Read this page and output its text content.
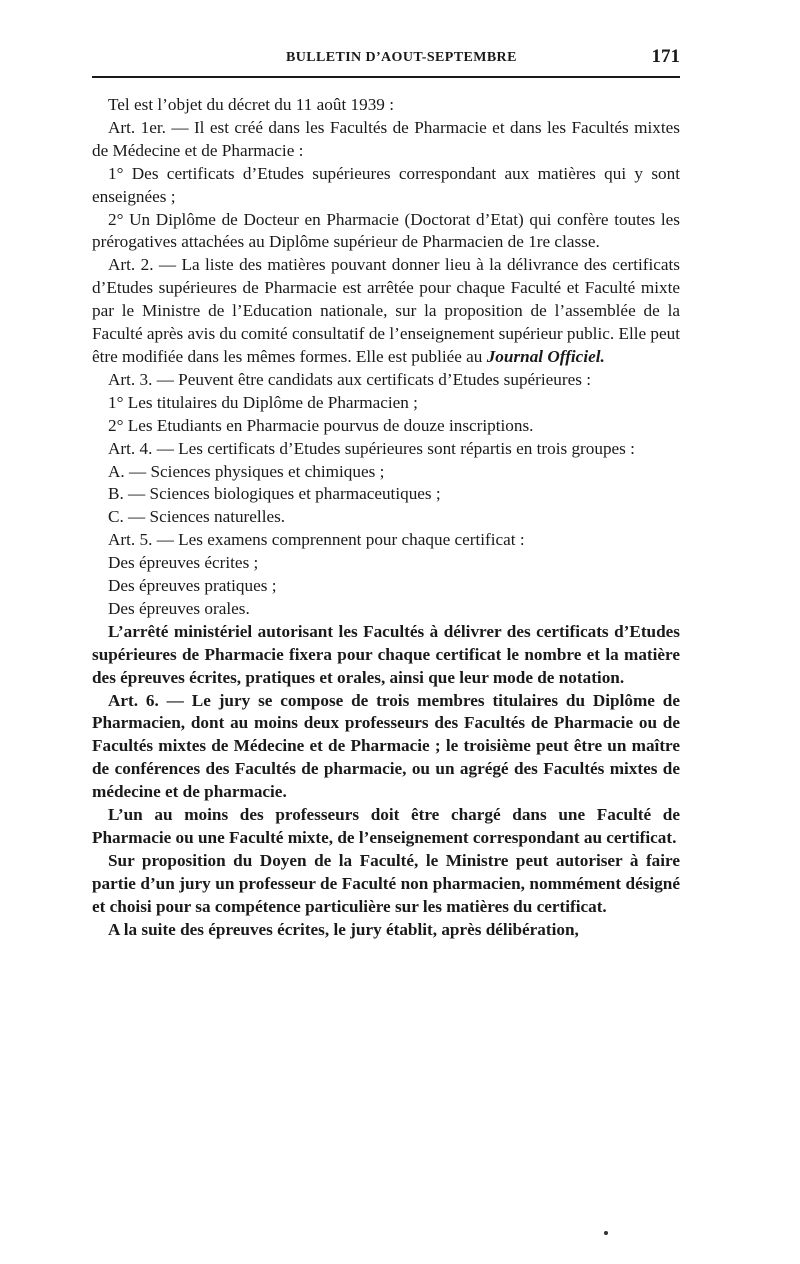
BULLETIN D’AOUT-SEPTEMBRE	171

Tel est l’objet du décret du 11 août 1939 :

Art. 1er. — Il est créé dans les Facultés de Pharmacie et dans les Facultés mixtes de Médecine et de Pharmacie :

1° Des certificats d’Etudes supérieures correspondant aux matières qui y sont enseignées ;

2° Un Diplôme de Docteur en Pharmacie (Doctorat d’Etat) qui confère toutes les prérogatives attachées au Diplôme supérieur de Pharmacien de 1re classe.

Art. 2. — La liste des matières pouvant donner lieu à la délivrance des certificats d’Etudes supérieures de Pharmacie est arrêtée pour chaque Faculté et Faculté mixte par le Ministre de l’Education nationale, sur la proposition de l’assemblée de la Faculté après avis du comité consultatif de l’enseignement supérieur public. Elle peut être modifiée dans les mêmes formes. Elle est publiée au Journal Officiel.

Art. 3. — Peuvent être candidats aux certificats d’Etudes supérieures :

1° Les titulaires du Diplôme de Pharmacien ;

2° Les Etudiants en Pharmacie pourvus de douze inscriptions.

Art. 4. — Les certificats d’Etudes supérieures sont répartis en trois groupes :

A. — Sciences physiques et chimiques ;

B. — Sciences biologiques et pharmaceutiques ;

C. — Sciences naturelles.

Art. 5. — Les examens comprennent pour chaque certificat :

Des épreuves écrites ;

Des épreuves pratiques ;

Des épreuves orales.

L’arrêté ministériel autorisant les Facultés à délivrer des certificats d’Etudes supérieures de Pharmacie fixera pour chaque certificat le nombre et la matière des épreuves écrites, pratiques et orales, ainsi que leur mode de notation.

Art. 6. — Le jury se compose de trois membres titulaires du Diplôme de Pharmacien, dont au moins deux professeurs des Facultés de Pharmacie ou de Facultés mixtes de Médecine et de Pharmacie ; le troisième peut être un maître de conférences des Facultés de pharmacie, ou un agrégé des Facultés mixtes de médecine et de pharmacie.

L’un au moins des professeurs doit être chargé dans une Faculté de Pharmacie ou une Faculté mixte, de l’enseignement correspondant au certificat.

Sur proposition du Doyen de la Faculté, le Ministre peut autoriser à faire partie d’un jury un professeur de Faculté non pharmacien, nommément désigné et choisi pour sa compétence particulière sur les matières du certificat.

A la suite des épreuves écrites, le jury établit, après délibération,
